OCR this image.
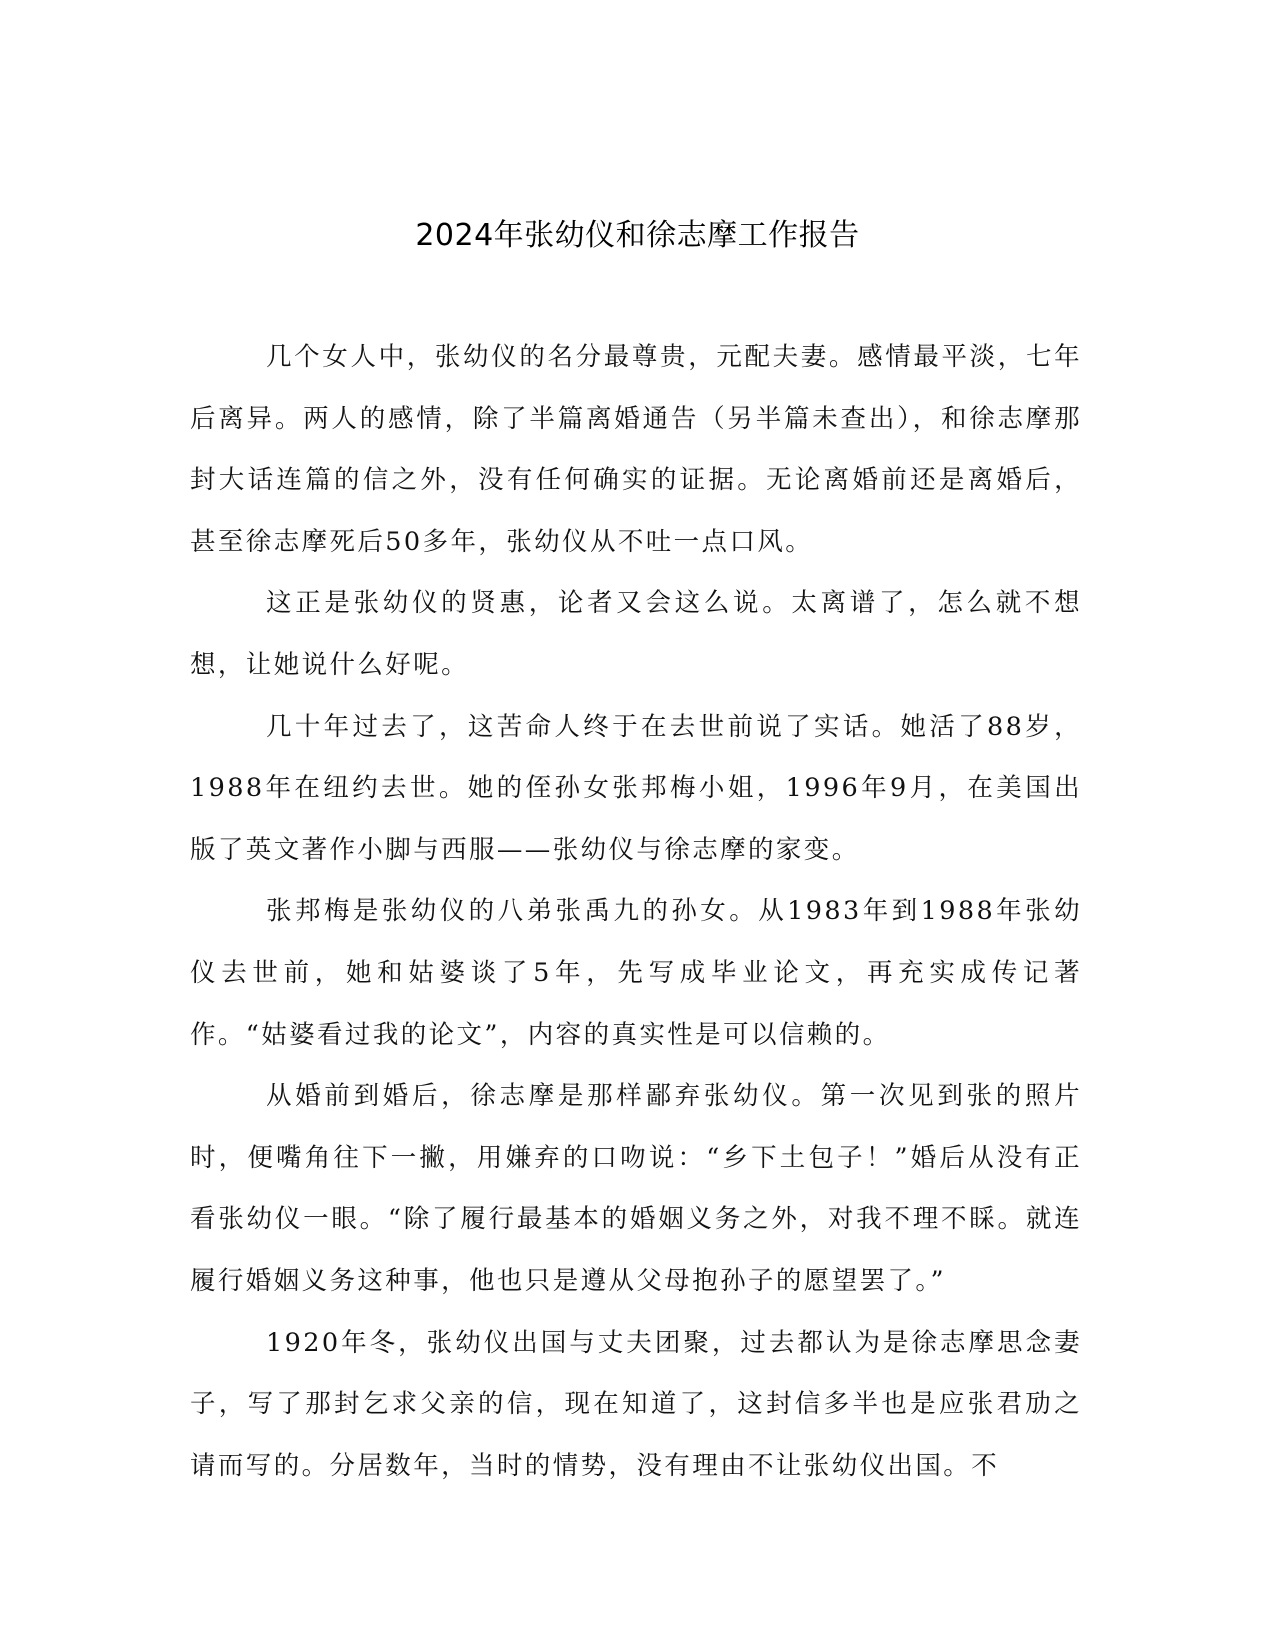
2024年张幼仪和徐志摩工作报告

几个女人中，张幼仪的名分最尊贵，元配夫妻。感情最平淡，七年后离异。两人的感情，除了半篇离婚通告（另半篇未查出），和徐志摩那封大话连篇的信之外，没有任何确实的证据。无论离婚前还是离婚后，甚至徐志摩死后50多年，张幼仪从不吐一点口风。

这正是张幼仪的贤惠，论者又会这么说。太离谱了，怎么就不想想，让她说什么好呢。

几十年过去了，这苦命人终于在去世前说了实话。她活了88岁，1988年在纽约去世。她的侄孙女张邦梅小姐，1996年9月，在美国出版了英文著作小脚与西服——张幼仪与徐志摩的家变。

张邦梅是张幼仪的八弟张禹九的孙女。从1983年到1988年张幼仪去世前，她和姑婆谈了5年，先写成毕业论文，再充实成传记著作。“姑婆看过我的论文”，内容的真实性是可以信赖的。

从婚前到婚后，徐志摩是那样鄙弃张幼仪。第一次见到张的照片时，便嘴角往下一撇，用嫌弃的口吻说：“乡下土包子！”婚后从没有正看张幼仪一眼。“除了履行最基本的婚姻义务之外，对我不理不睬。就连履行婚姻义务这种事，他也只是遵从父母抱孙子的愿望罢了。”

1920年冬，张幼仪出国与丈夫团聚，过去都认为是徐志摩思念妻子，写了那封乞求父亲的信，现在知道了，这封信多半也是应张君劢之请而写的。分居数年，当时的情势，没有理由不让张幼仪出国。不
